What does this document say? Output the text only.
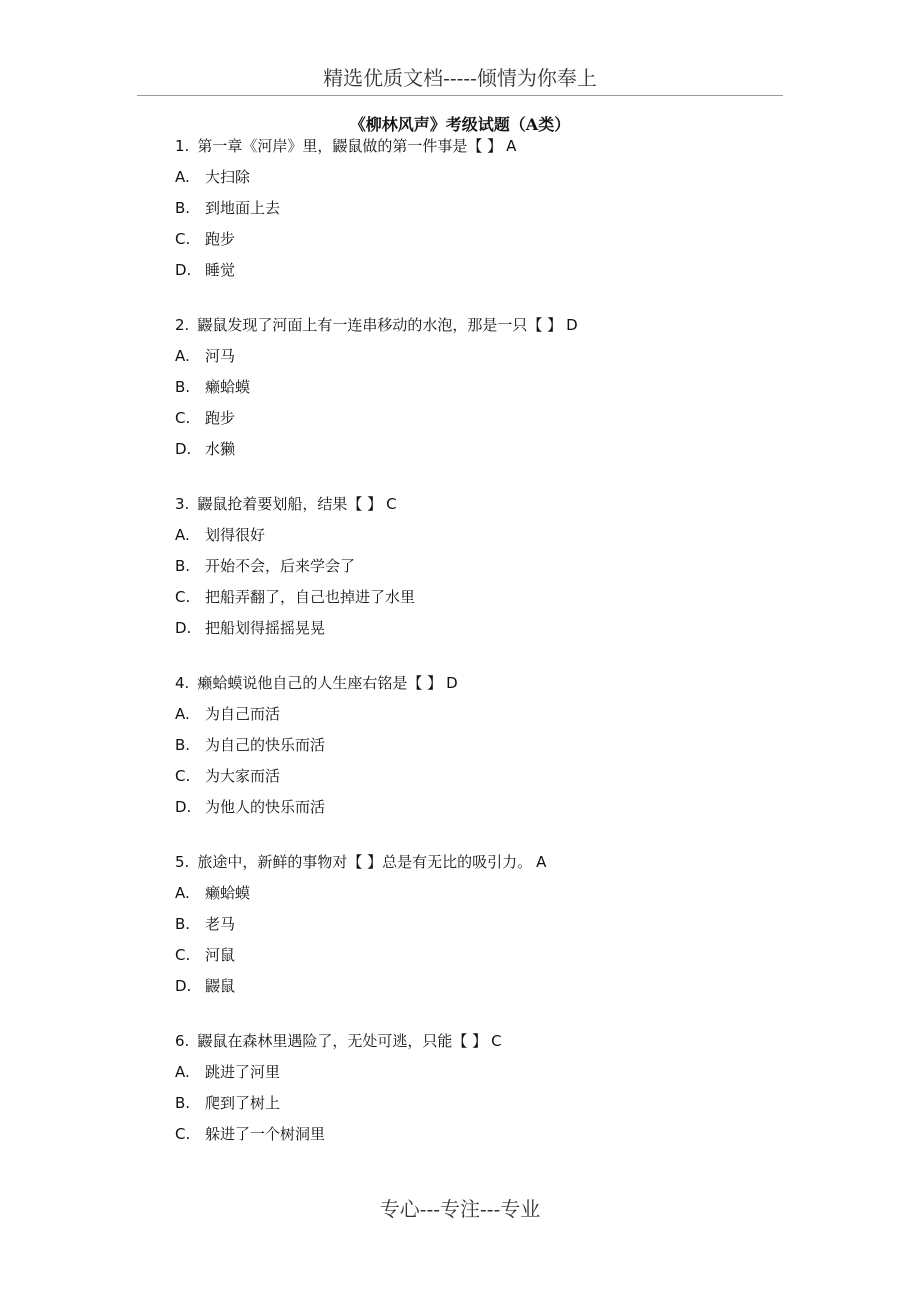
精选优质文档-----倾情为你奉上
《柳林风声》考级试题（A类）
1. 第一章《河岸》里，鼹鼠做的第一件事是【 】 A
A. 大扫除
B. 到地面上去
C. 跑步
D. 睡觉
2. 鼹鼠发现了河面上有一连串移动的水泡，那是一只【 】 D
A. 河马
B. 癞蛤蟆
C. 跑步
D. 水獭
3. 鼹鼠抢着要划船，结果【 】 C
A. 划得很好
B. 开始不会，后来学会了
C. 把船弄翻了，自己也掉进了水里
D. 把船划得摇摇晃晃
4. 癞蛤蟆说他自己的人生座右铭是【 】 D
A. 为自己而活
B. 为自己的快乐而活
C. 为大家而活
D. 为他人的快乐而活
5. 旅途中，新鲜的事物对【 】总是有无比的吸引力。 A
A. 癞蛤蟆
B. 老马
C. 河鼠
D. 鼹鼠
6. 鼹鼠在森林里遇险了，无处可逃，只能【 】 C
A. 跳进了河里
B. 爬到了树上
C. 躲进了一个树洞里
专心---专注---专业
